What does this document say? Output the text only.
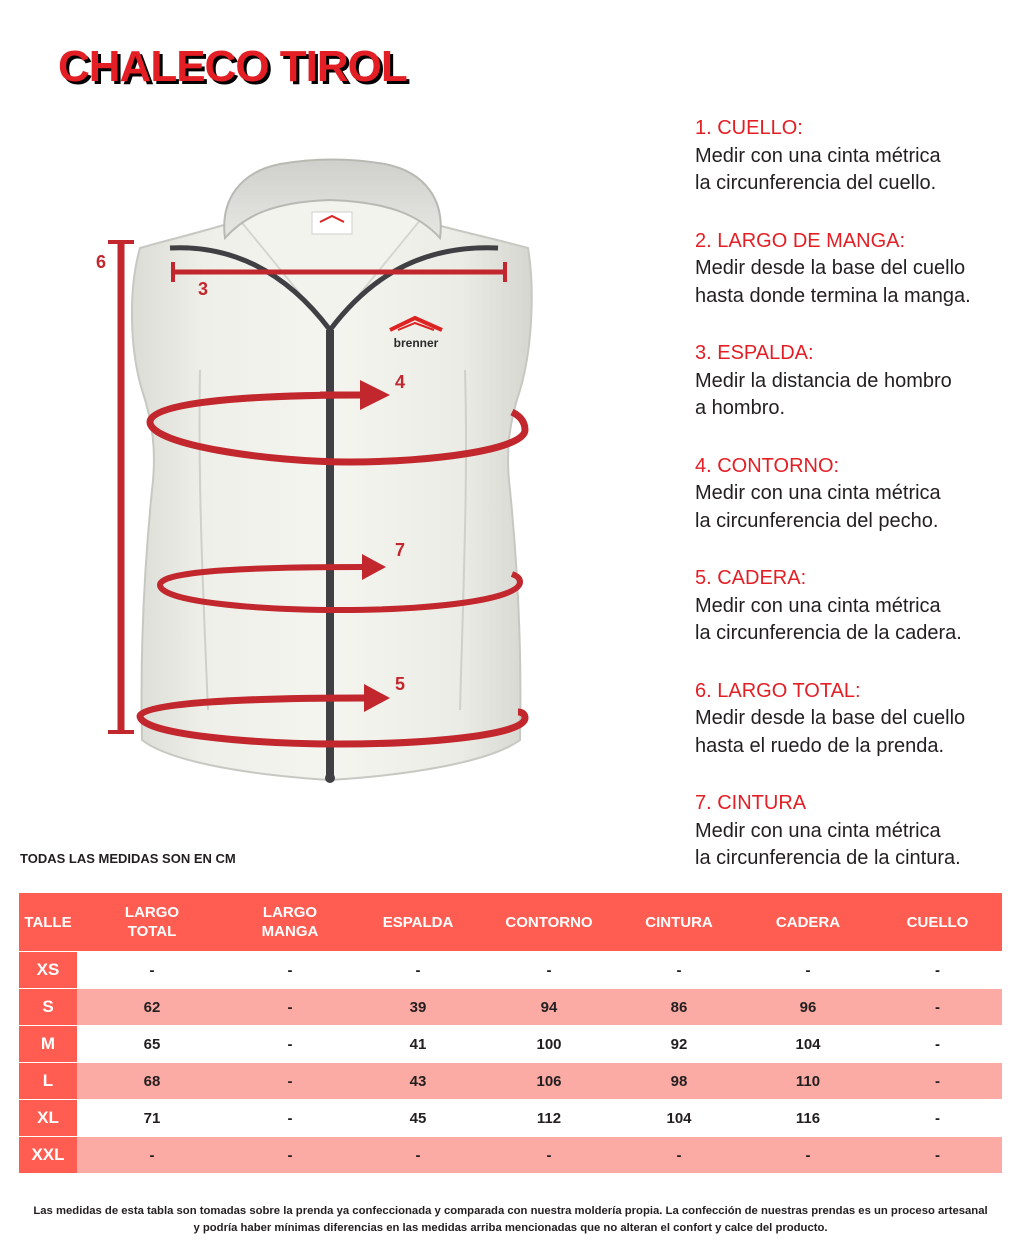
CHALECO TIROL
brenner
6
3
4
7
5
1. CUELLO:
Medir con una cinta métrica
la circunferencia del cuello.
2. LARGO DE MANGA:
Medir desde la base del cuello
hasta donde termina la manga.
3. ESPALDA:
Medir la distancia de hombro
a hombro.
4. CONTORNO:
Medir con una cinta métrica
la circunferencia del pecho.
5. CADERA:
Medir con una cinta métrica
la circunferencia de la cadera.
6. LARGO TOTAL:
Medir desde la base del cuello
hasta el ruedo de la prenda.
7. CINTURA
Medir con una cinta métrica
la circunferencia de la cintura.
TODAS LAS MEDIDAS SON EN CM
TALLE	LARGO TOTAL	LARGO MANGA	ESPALDA	CONTORNO	CINTURA	CADERA	CUELLO
XS	-	-	-	-	-	-	-
S	62	-	39	94	86	96	-
M	65	-	41	100	92	104	-
L	68	-	43	106	98	110	-
XL	71	-	45	112	104	116	-
XXL	-	-	-	-	-	-	-
Las medidas de esta tabla son tomadas sobre la prenda ya confeccionada y comparada con nuestra moldería propia. La confección de nuestras prendas es un proceso artesanal y podría haber mínimas diferencias en las medidas arriba mencionadas que no alteran el confort y calce del producto.
